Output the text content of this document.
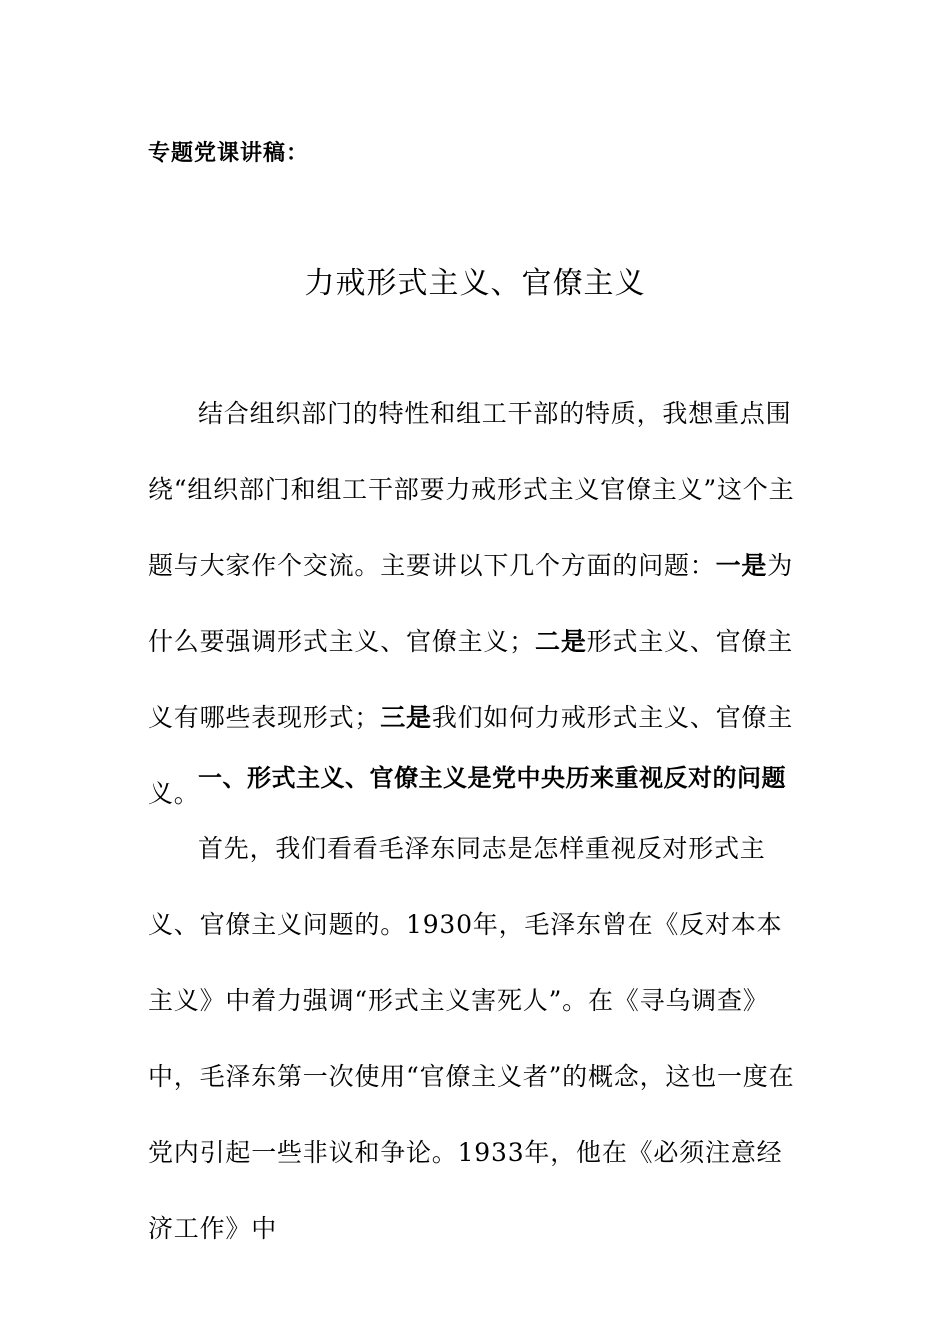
专题党课讲稿：
力戒形式主义、官僚主义

结合组织部门的特性和组工干部的特质，我想重点围绕“组织部门和组工干部要力戒形式主义官僚主义”这个主题与大家作个交流。主要讲以下几个方面的问题：一是为什么要强调形式主义、官僚主义；二是形式主义、官僚主义有哪些表现形式；三是我们如何力戒形式主义、官僚主义。

一、形式主义、官僚主义是党中央历来重视反对的问题

首先，我们看看毛泽东同志是怎样重视反对形式主义、官僚主义问题的。1930年，毛泽东曾在《反对本本主义》中着力强调“形式主义害死人”。在《寻乌调查》中，毛泽东第一次使用“官僚主义者”的概念，这也一度在党内引起一些非议和争论。1933年，他在《必须注意经济工作》中
